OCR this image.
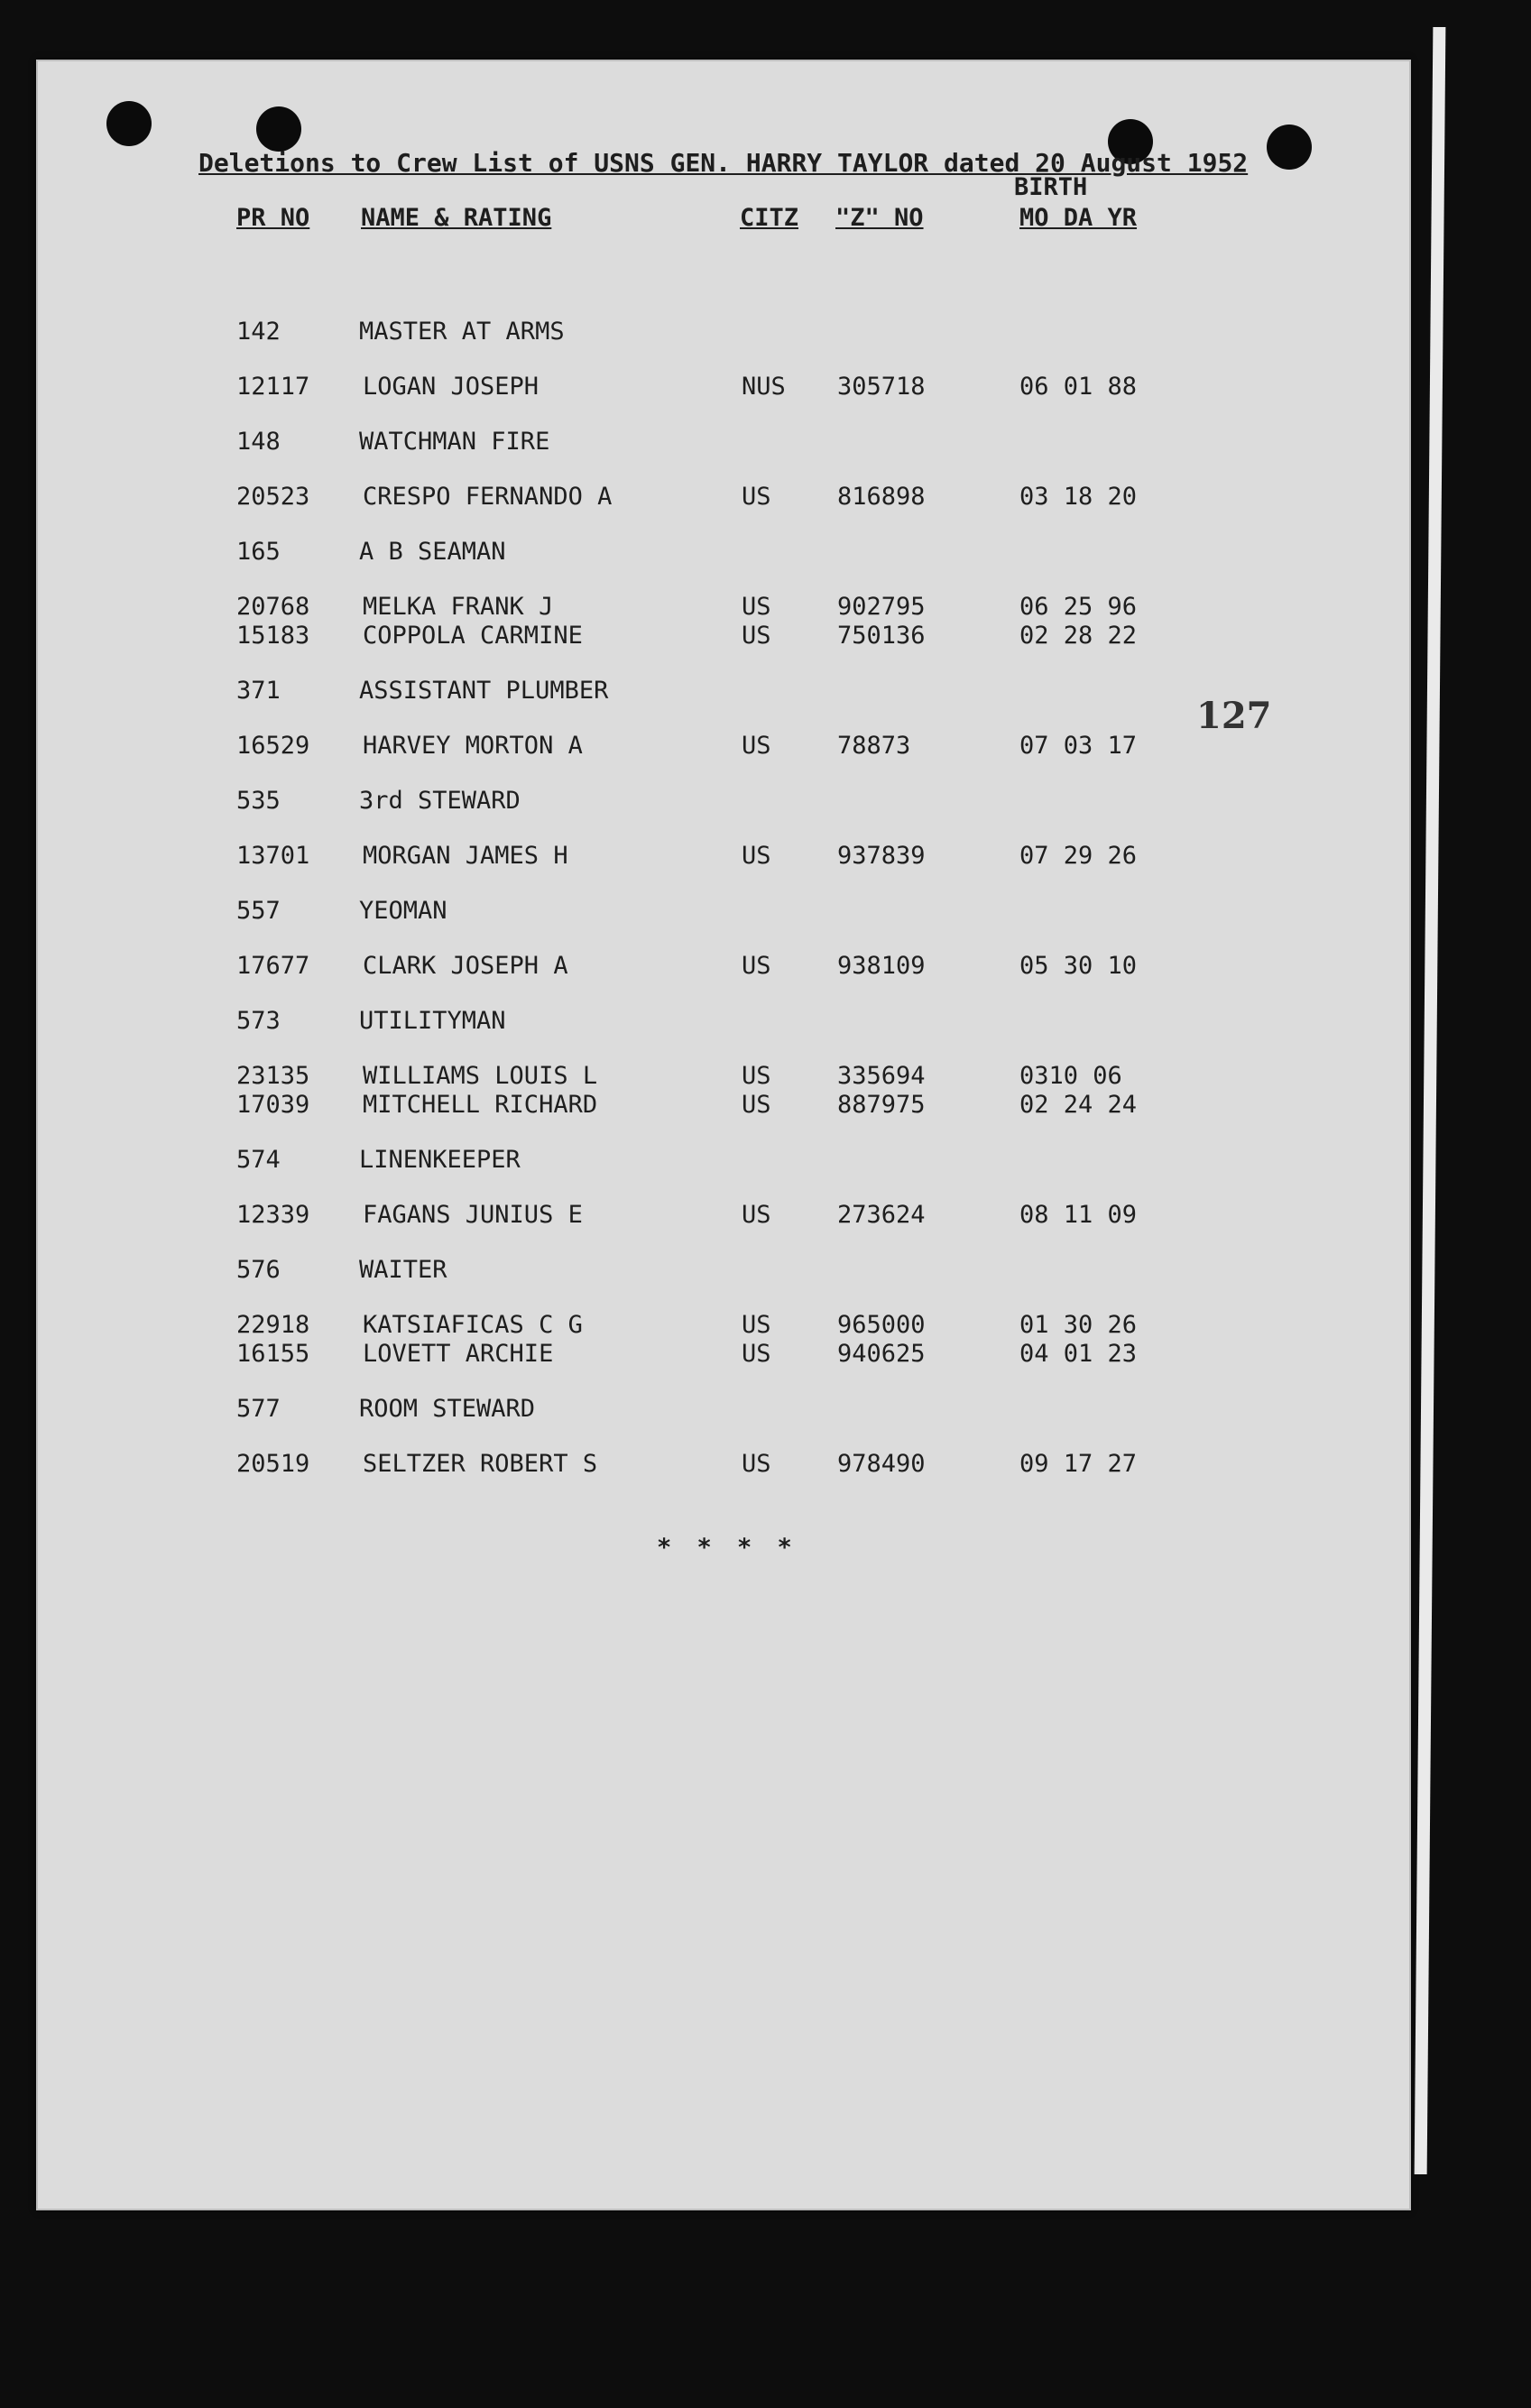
Deletions to Crew List of USNS GEN. HARRY TAYLOR dated 20 August 1952
BIRTH
PR NO NAME & RATING	CITZ "Z" NO	MO DA YR
142	MASTER AT ARMS
12117 LOGAN JOSEPH	NUS 305718	06 01 88
148	WATCHMAN FIRE
20523 CRESPO FERNANDO A	US	816898	03 18 20
165	A B SEAMAN
20768 MELKA FRANK J	US	902795	06 25 96
15183 COPPOLA CARMINE	US	750136	02 28 22
371	ASSISTANT PLUMBER
16529 HARVEY MORTON A	US	78873	07 03 17
535	3rd STEWARD
13701 MORGAN JAMES H	US	937839	07 29 26
557	YEOMAN
17677 CLARK JOSEPH A	US	938109	05 30 10
573	UTILITYMAN
23135 WILLIAMS LOUIS L	US	335694	0310 06
17039 MITCHELL RICHARD	US	887975	02 24 24
574	LINENKEEPER
12339 FAGANS JUNIUS E	US	273624	08 11 09
576	WAITER
22918 KATSIAFICAS C G	US	965000	01 30 26
16155 LOVETT ARCHIE	US	940625	04 01 23
577	ROOM STEWARD
20519 SELTZER ROBERT S	US	978490	09 17 27
* * * *
127
